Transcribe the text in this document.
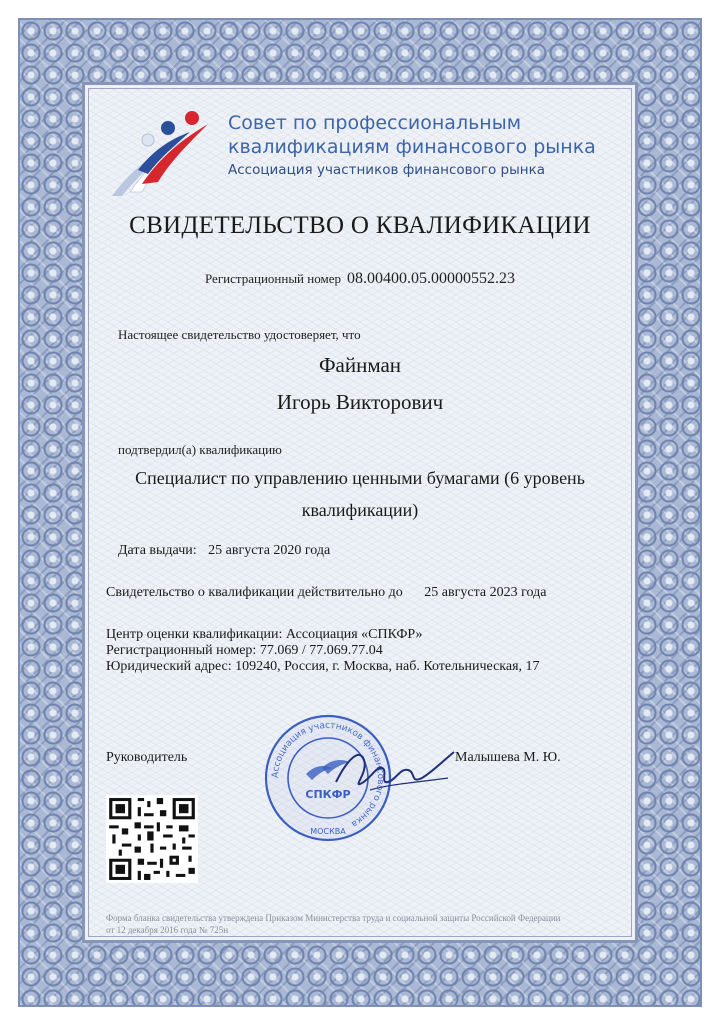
Совет по профессиональным
квалификациям финансового рынка
Ассоциация участников финансового рынка
СВИДЕТЕЛЬСТВО О КВАЛИФИКАЦИИ
Регистрационный номер 08.00400.05.00000552.23
Настоящее свидетельство удостоверяет, что
Файнман
Игорь Викторович
подтвердил(а) квалификацию
Специалист по управлению ценными бумагами (6 уровень
квалификации)
Дата выдачи: 25 августа 2020 года
Свидетельство о квалификации действительно до 25 августа 2023 года
Центр оценки квалификации: Ассоциация «СПКФР»
Регистрационный номер: 77.069 / 77.069.77.04
Юридический адрес: 109240, Россия, г. Москва, наб. Котельническая, 17
Руководитель	Малышева М. Ю.
Ассоциация участников финансового рынка
СПКФР
МОСКВА
Форма бланка свидетельства утверждена Приказом Министерства труда и социальной защиты Российской Федерации
от 12 декабря 2016 года № 725н
